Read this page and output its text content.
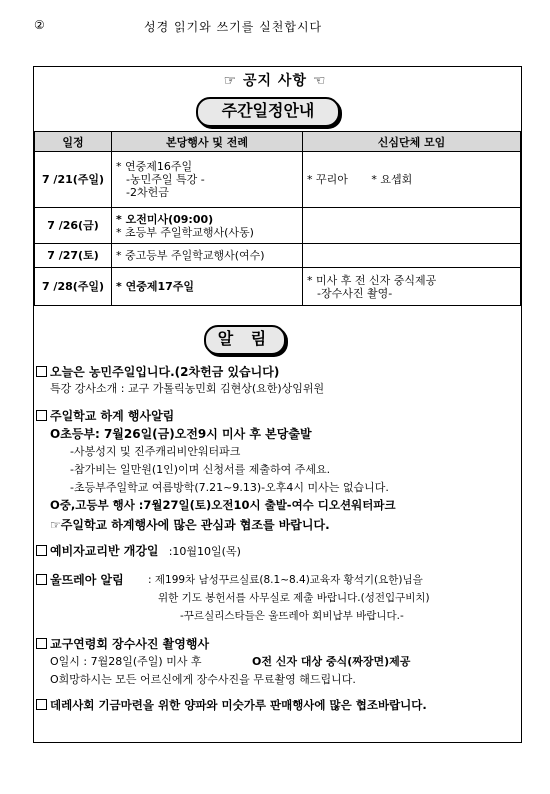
②	성경 읽기와 쓰기를 실천합시다
☞ 공지 사항 ☜
주간일정안내
일정	본당행사 및 전례	신심단체 모임
7 /21(주일)	* 연중제16주일
-농민주일 특강 -
-2차헌금	* 꾸리아 * 요셉회
7 /26(금)	* 오전미사(09:00)
* 초등부 주일학교행사(사동)	

7 /27(토)	* 중고등부 주일학교행사(여수)	

7 /28(주일)	* 연중제17주일	* 미사 후 전 신자 중식제공
-장수사진 촬영-
알 림
오늘은 농민주일입니다.(2차헌금 있습니다)
특강 강사소개 : 교구 가톨릭농민회 김현상(요한)상임위원
주일학교 하계 행사알림
O초등부: 7월26일(금)오전9시 미사 후 본당출발
-사봉성지 및 진주캐리비안워터파크
-참가비는 일만원(1인)이며 신청서를 제출하여 주세요.
-초등부주일학교 여름방학(7.21~9.13)-오후4시 미사는 없습니다.
O중,고등부 행사 :7월27일(토)오전10시 출발-여수 디오션워터파크
☞주일학교 하계행사에 많은 관심과 협조를 바랍니다.
예비자교리반 개강일 :10월10일(목)
울뜨레아 알림 : 제199차 남성꾸르실료(8.1~8.4)교육자 황석기(요한)님을
위한 기도 봉헌서를 사무실로 제출 바랍니다.(성전입구비치)
-꾸르실리스타들은 울뜨레아 회비납부 바랍니다.-
교구연령회 장수사진 촬영행사
O일시 : 7월28일(주일) 미사 후	O전 신자 대상 중식(짜장면)제공
O희망하시는 모든 어르신에게 장수사진을 무료촬영 해드립니다.
데레사회 기금마련을 위한 양파와 미숫가루 판매행사에 많은 협조바랍니다.
